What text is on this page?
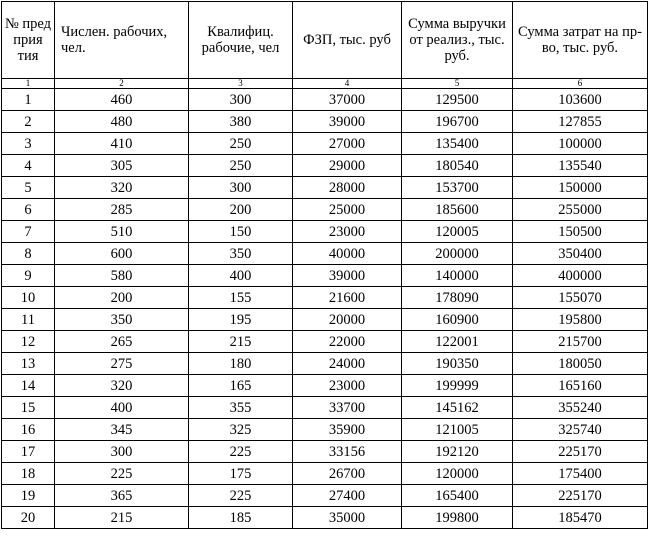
№ пред прия тия	Числен. рабочих, чел.	Квалифиц. рабочие, чел	ФЗП, тыс. руб	Сумма выручки от реализ., тыс. руб.	Сумма затрат на пр-во, тыс. руб.
1	2	3	4	5	6
1	460	300	37000	129500	103600
2	480	380	39000	196700	127855
3	410	250	27000	135400	100000
4	305	250	29000	180540	135540
5	320	300	28000	153700	150000
6	285	200	25000	185600	255000
7	510	150	23000	120005	150500
8	600	350	40000	200000	350400
9	580	400	39000	140000	400000
10	200	155	21600	178090	155070
11	350	195	20000	160900	195800
12	265	215	22000	122001	215700
13	275	180	24000	190350	180050
14	320	165	23000	199999	165160
15	400	355	33700	145162	355240
16	345	325	35900	121005	325740
17	300	225	33156	192120	225170
18	225	175	26700	120000	175400
19	365	225	27400	165400	225170
20	215	185	35000	199800	185470
